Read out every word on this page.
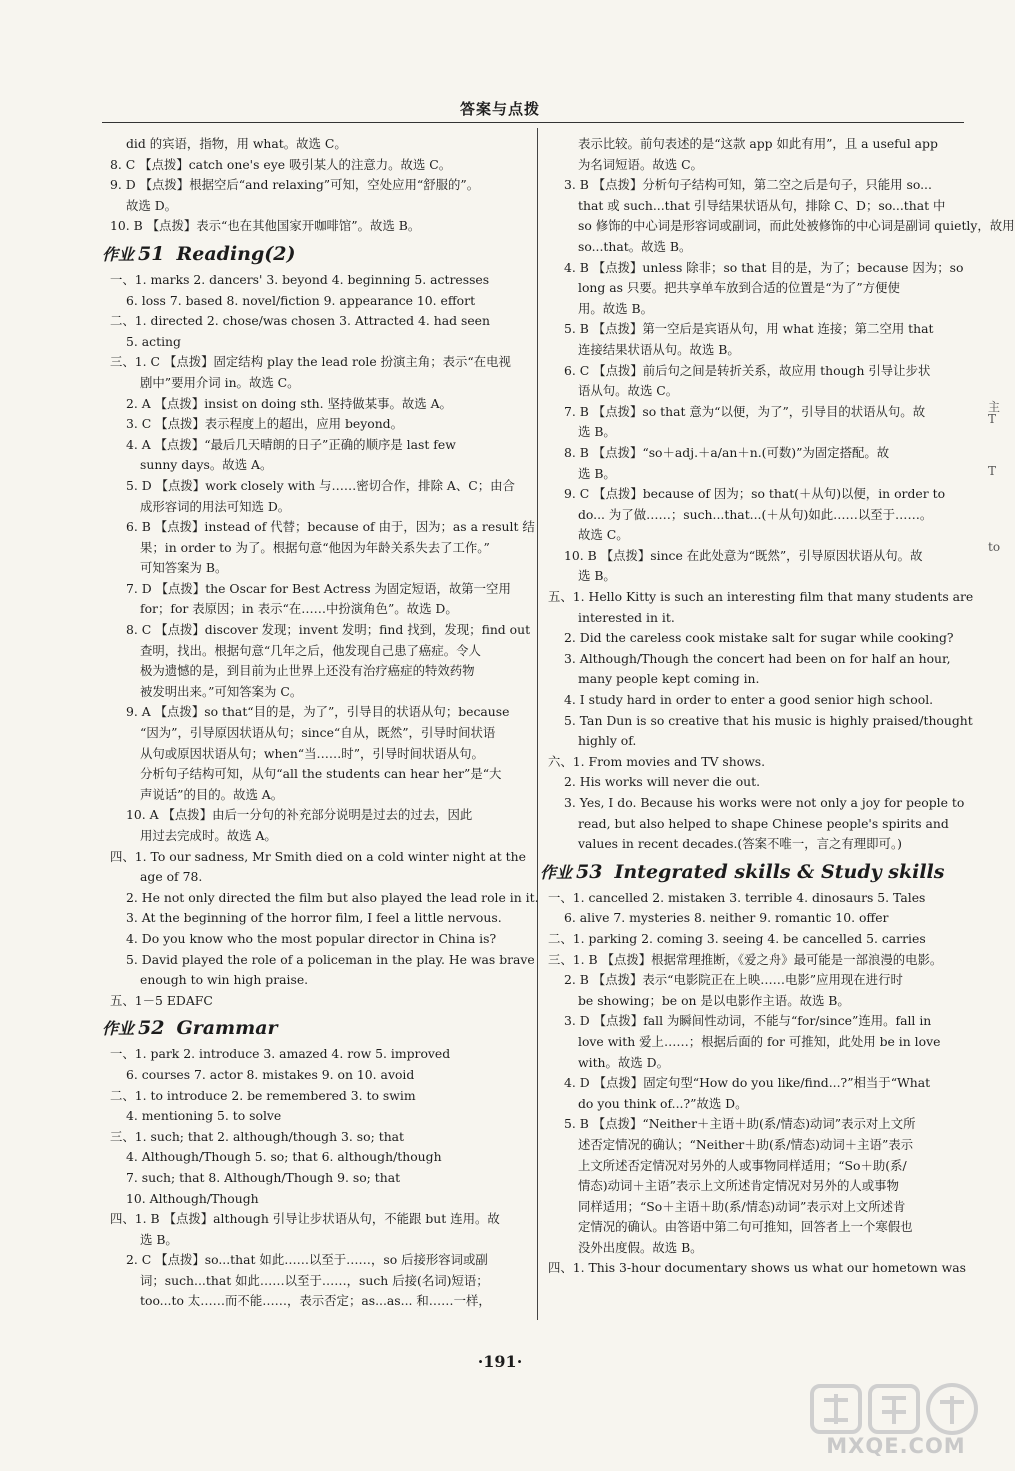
答案与点拨
did 的宾语，指物，用 what。故选 C。
8. C 【点拨】catch one's eye 吸引某人的注意力。故选 C。
9. D 【点拨】根据空后“and relaxing”可知，空处应用“舒服的”。
故选 D。
10. B 【点拨】表示“也在其他国家开咖啡馆”。故选 B。
作业 51 Reading(2)
一、1. marks 2. dancers' 3. beyond 4. beginning 5. actresses
6. loss 7. based 8. novel/fiction 9. appearance 10. effort
二、1. directed 2. chose/was chosen 3. Attracted 4. had seen
5. acting
三、1. C 【点拨】固定结构 play the lead role 扮演主角；表示“在电视
剧中”要用介词 in。故选 C。
2. A 【点拨】insist on doing sth. 坚持做某事。故选 A。
3. C 【点拨】表示程度上的超出，应用 beyond。
4. A 【点拨】“最后几天晴朗的日子”正确的顺序是 last few
sunny days。故选 A。
5. D 【点拨】work closely with 与……密切合作，排除 A、C；由合
成形容词的用法可知选 D。
6. B 【点拨】instead of 代替；because of 由于，因为；as a result 结
果；in order to 为了。根据句意“他因为年龄关系失去了工作。”
可知答案为 B。
7. D 【点拨】the Oscar for Best Actress 为固定短语，故第一空用
for；for 表原因；in 表示“在……中扮演角色”。故选 D。
8. C 【点拨】discover 发现；invent 发明；find 找到，发现；find out
查明，找出。根据句意“几年之后，他发现自己患了癌症。令人
极为遗憾的是，到目前为止世界上还没有治疗癌症的特效药物
被发明出来。”可知答案为 C。
9. A 【点拨】so that“目的是，为了”，引导目的状语从句；because
“因为”，引导原因状语从句；since“自从，既然”，引导时间状语
从句或原因状语从句；when“当……时”，引导时间状语从句。
分析句子结构可知，从句“all the students can hear her”是“大
声说话”的目的。故选 A。
10. A 【点拨】由后一分句的补充部分说明是过去的过去，因此
用过去完成时。故选 A。
四、1. To our sadness, Mr Smith died on a cold winter night at the
age of 78.
2. He not only directed the film but also played the lead role in it.
3. At the beginning of the horror film, I feel a little nervous.
4. Do you know who the most popular director in China is?
5. David played the role of a policeman in the play. He was brave
enough to win high praise.
五、1－5 EDAFC
作业 52 Grammar
一、1. park 2. introduce 3. amazed 4. row 5. improved
6. courses 7. actor 8. mistakes 9. on 10. avoid
二、1. to introduce 2. be remembered 3. to swim
4. mentioning 5. to solve
三、1. such; that 2. although/though 3. so; that
4. Although/Though 5. so; that 6. although/though
7. such; that 8. Although/Though 9. so; that
10. Although/Though
四、1. B 【点拨】although 引导让步状语从句，不能跟 but 连用。故
选 B。
2. C 【点拨】so...that 如此……以至于……，so 后接形容词或副
词；such...that 如此……以至于……，such 后接(名词)短语；
too...to 太……而不能……，表示否定；as...as... 和……一样，
表示比较。前句表述的是“这款 app 如此有用”，且 a useful app
为名词短语。故选 C。
3. B 【点拨】分析句子结构可知，第二空之后是句子，只能用 so...
that 或 such...that 引导结果状语从句，排除 C、D；so...that 中
so 修饰的中心词是形容词或副词，而此处被修饰的中心词是副词 quietly，故用
so...that。故选 B。
4. B 【点拨】unless 除非；so that 目的是，为了；because 因为；so
long as 只要。把共享单车放到合适的位置是“为了”方便使
用。故选 B。
5. B 【点拨】第一空后是宾语从句，用 what 连接；第二空用 that
连接结果状语从句。故选 B。
6. C 【点拨】前后句之间是转折关系，故应用 though 引导让步状
语从句。故选 C。
7. B 【点拨】so that 意为“以便，为了”，引导目的状语从句。故
选 B。
8. B 【点拨】“so＋adj.＋a/an＋n.(可数)”为固定搭配。故
选 B。
9. C 【点拨】because of 因为；so that(＋从句)以便，in order to
do... 为了做……；such...that...(＋从句)如此……以至于……。
故选 C。
10. B 【点拨】since 在此处意为“既然”，引导原因状语从句。故
选 B。
五、1. Hello Kitty is such an interesting film that many students are
interested in it.
2. Did the careless cook mistake salt for sugar while cooking?
3. Although/Though the concert had been on for half an hour,
many people kept coming in.
4. I study hard in order to enter a good senior high school.
5. Tan Dun is so creative that his music is highly praised/thought
highly of.
六、1. From movies and TV shows.
2. His works will never die out.
3. Yes, I do. Because his works were not only a joy for people to
read, but also helped to shape Chinese people's spirits and
values in recent decades.(答案不唯一，言之有理即可。)
作业 53 Integrated skills & Study skills
一、1. cancelled 2. mistaken 3. terrible 4. dinosaurs 5. Tales
6. alive 7. mysteries 8. neither 9. romantic 10. offer
二、1. parking 2. coming 3. seeing 4. be cancelled 5. carries
三、1. B 【点拨】根据常理推断，《爱之舟》最可能是一部浪漫的电影。
2. B 【点拨】表示“电影院正在上映……电影”应用现在进行时
be showing；be on 是以电影作主语。故选 B。
3. D 【点拨】fall 为瞬间性动词，不能与“for/since”连用。fall in
love with 爱上……；根据后面的 for 可推知，此处用 be in love
with。故选 D。
4. D 【点拨】固定句型“How do you like/find...?”相当于“What
do you think of...?”故选 D。
5. B 【点拨】“Neither＋主语＋助(系/情态)动词”表示对上文所
述否定情况的确认；“Neither＋助(系/情态)动词＋主语”表示
上文所述否定情况对另外的人或事物同样适用；“So＋助(系/
情态)动词＋主语”表示上文所述肯定情况对另外的人或事物
同样适用；“So＋主语＋助(系/情态)动词”表示对上文所述肯
定情况的确认。由答语中第二句可推知，回答者上一个寒假也
没外出度假。故选 B。
四、1. This 3-hour documentary shows us what our hometown was
主
T
T
to
·191·
MXQE.COM
